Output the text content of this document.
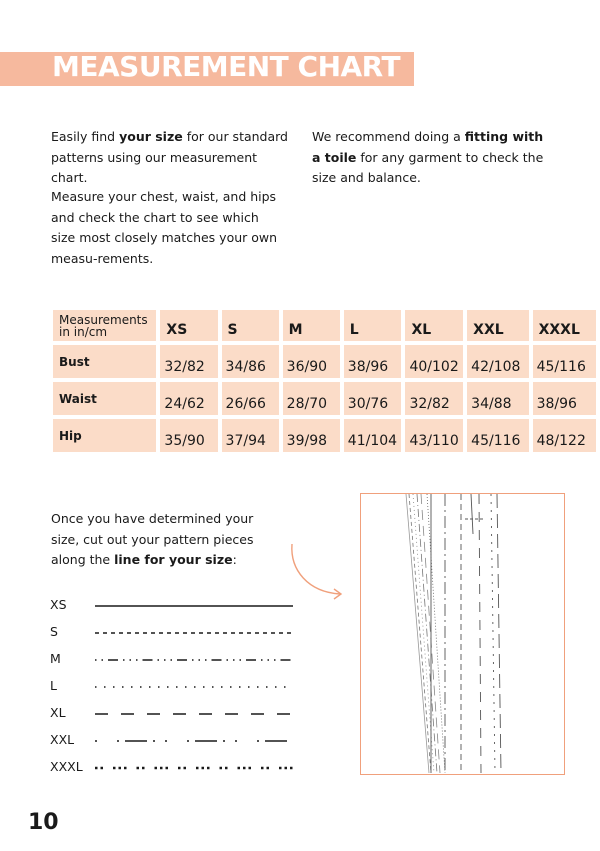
MEASUREMENT CHART

Easily find your size for our standard patterns using our measurement chart.

Measure your chest, waist, and hips and check the chart to see which size most closely matches your own measu-rements.

We recommend doing a fitting with a toile for any garment to check the size and balance.

Measurements
in in/cm	XS	S	M	L	XL	XXL	XXXL
Bust	32/82	34/86	36/90	38/96	40/102	42/108	45/116
Waist	24/62	26/66	28/70	30/76	32/82	34/88	38/96
Hip	35/90	37/94	39/98	41/104	43/110	45/116	48/122

Once you have determined your size, cut out your pattern pieces along the line for your size:

XS
S
M
L
XL
XXL
XXXL
10
